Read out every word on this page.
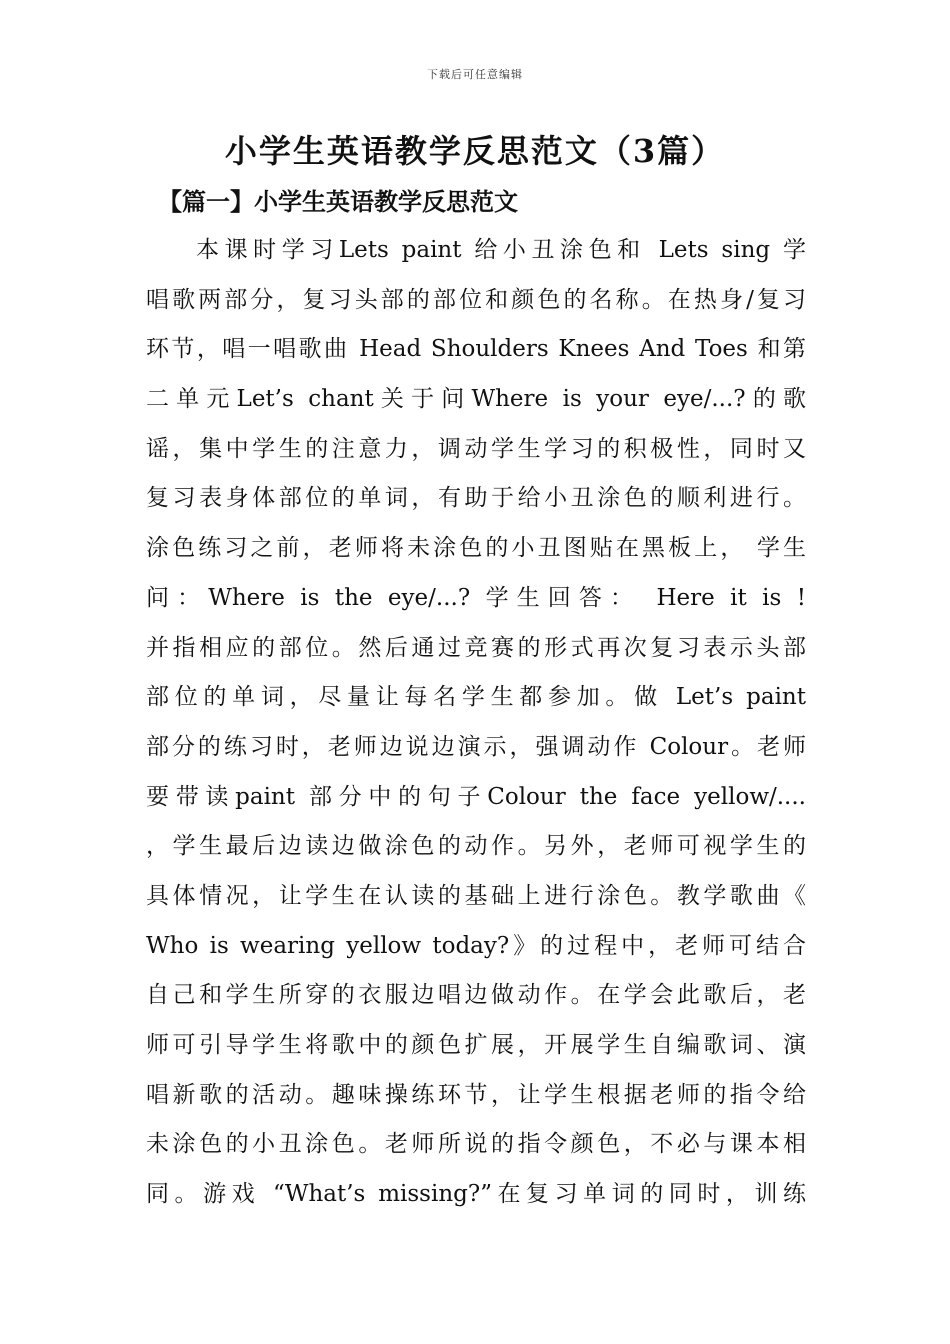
下载后可任意编辑
小学生英语教学反思范文（3篇）
【篇一】小学生英语教学反思范文
本课时学习Lets paint 给小丑涂色和 Lets sing 学
唱歌两部分，复习头部的部位和颜色的名称。在热身/复习
环节，唱一唱歌曲 Head Shoulders Knees And Toes 和第
二单元Let’s chant关于问Where is your eye/...?的歌
谣，集中学生的注意力，调动学生学习的积极性，同时又
复习表身体部位的单词，有助于给小丑涂色的顺利进行。
涂色练习之前，老师将未涂色的小丑图贴在黑板上， 学生
问：Where is the eye/...? 学生回答： Here it is !
并指相应的部位。然后通过竞赛的形式再次复习表示头部
部位的单词，尽量让每名学生都参加。做 Let’s paint
部分的练习时，老师边说边演示，强调动作 Colour。老师
要带读paint 部分中的句子Colour the face yellow/....
，学生最后边读边做涂色的动作。另外，老师可视学生的
具体情况，让学生在认读的基础上进行涂色。教学歌曲《
Who is wearing yellow today?》的过程中，老师可结合
自己和学生所穿的衣服边唱边做动作。在学会此歌后，老
师可引导学生将歌中的颜色扩展，开展学生自编歌词、演
唱新歌的活动。趣味操练环节，让学生根据老师的指令给
未涂色的小丑涂色。老师所说的指令颜色，不必与课本相
同。游戏 “What’s missing?”在复习单词的同时，训练
